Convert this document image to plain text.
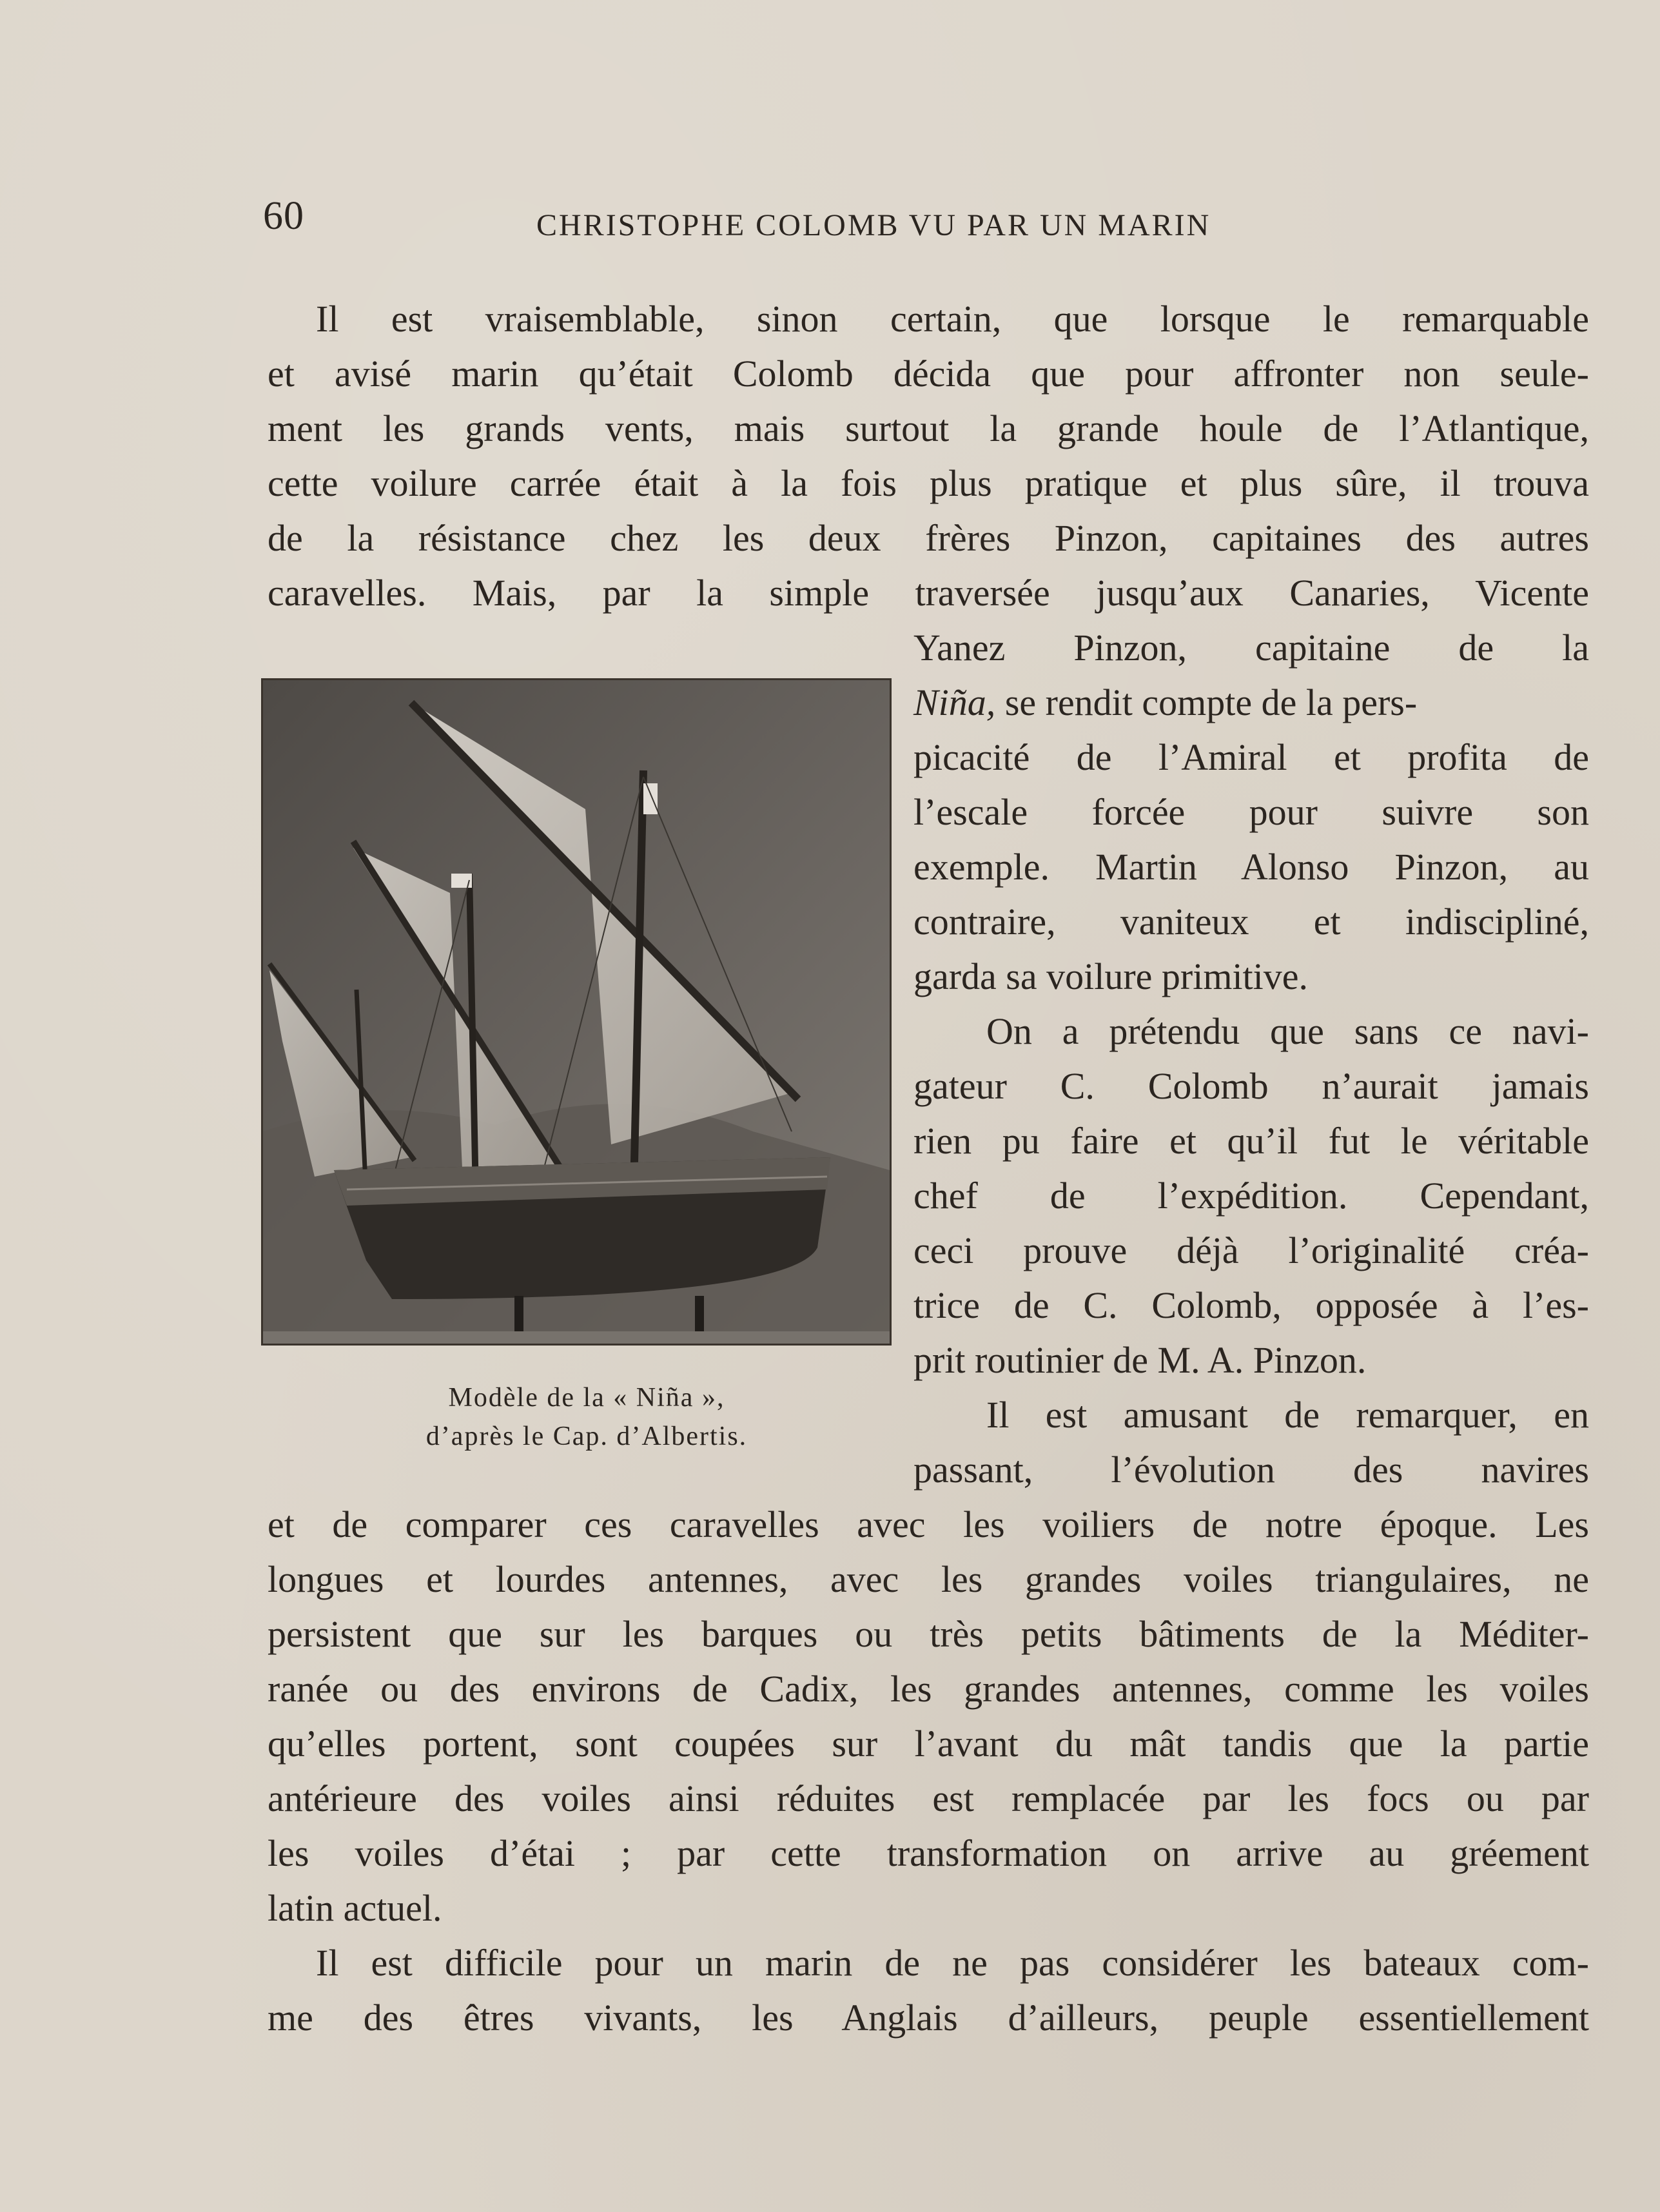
60	CHRISTOPHE COLOMB VU PAR UN MARIN
Il est vraisemblable, sinon certain, que lorsque le remarquable
et avisé marin qu’était Colomb décida que pour affronter non seule-
ment les grands vents, mais surtout la grande houle de l’Atlantique,
cette voilure carrée était à la fois plus pratique et plus sûre, il trouva
de la résistance chez les deux frères Pinzon, capitaines des autres
caravelles. Mais, par la simple traversée jusqu’aux Canaries, Vicente
Yanez Pinzon, capitaine de la
Niña, se rendit compte de la pers-
picacité de l’Amiral et profita de
l’escale forcée pour suivre son
exemple. Martin Alonso Pinzon, au
contraire, vaniteux et indiscipliné,
garda sa voilure primitive.
On a prétendu que sans ce navi-
gateur C. Colomb n’aurait jamais
rien pu faire et qu’il fut le véritable
chef de l’expédition. Cependant,
ceci prouve déjà l’originalité créa-
trice de C. Colomb, opposée à l’es-
prit routinier de M. A. Pinzon.
Il est amusant de remarquer, en
passant, l’évolution des navires
et de comparer ces caravelles avec les voiliers de notre époque. Les
longues et lourdes antennes, avec les grandes voiles triangulaires, ne
persistent que sur les barques ou très petits bâtiments de la Méditer-
ranée ou des environs de Cadix, les grandes antennes, comme les voiles
qu’elles portent, sont coupées sur l’avant du mât tandis que la partie
antérieure des voiles ainsi réduites est remplacée par les focs ou par
les voiles d’étai ; par cette transformation on arrive au gréement
latin actuel.
Il est difficile pour un marin de ne pas considérer les bateaux com-
me des êtres vivants, les Anglais d’ailleurs, peuple essentiellement
Modèle de la « Niña »,
d’après le Cap. d’Albertis.
